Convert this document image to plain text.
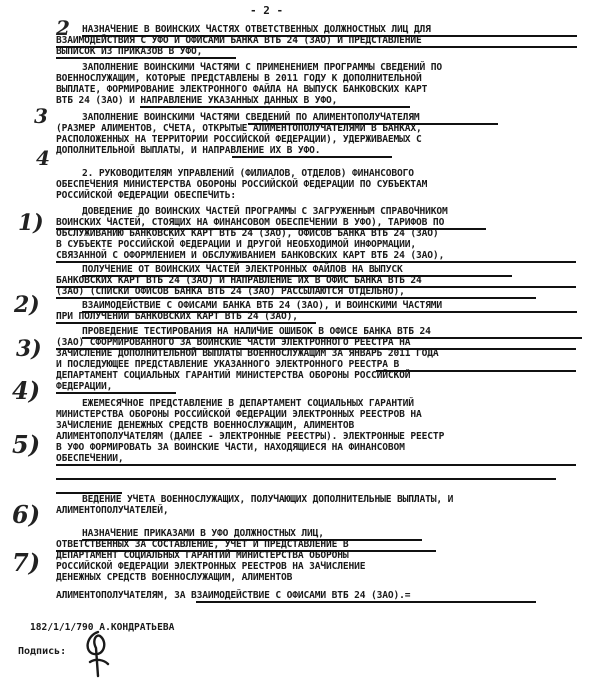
- 2 -
2
3
4
1)
2)
3)
4)
5)
6)
7)
НАЗНАЧЕНИЕ В ВОИНСКИХ ЧАСТЯХ ОТВЕТСТВЕННЫХ ДОЛЖНОСТНЫХ ЛИЦ ДЛЯ
ВЗАИМОДЕЙСТВИЯ С УФО И ОФИСАМИ БАНКА ВТБ 24 (ЗАО) И ПРЕДСТАВЛЕНИЕ
ВЫПИСОК ИЗ ПРИКАЗОВ В УФО,
ЗАПОЛНЕНИЕ ВОИНСКИМИ ЧАСТЯМИ С ПРИМЕНЕНИЕМ ПРОГРАММЫ СВЕДЕНИЙ ПО
ВОЕННОСЛУЖАЩИМ, КОТОРЫЕ ПРЕДСТАВЛЕНЫ В 2011 ГОДУ К ДОПОЛНИТЕЛЬНОЙ
ВЫПЛАТЕ, ФОРМИРОВАНИЕ ЭЛЕКТРОННОГО ФАЙЛА НА ВЫПУСК БАНКОВСКИХ КАРТ
ВТБ 24 (ЗАО) И НАПРАВЛЕНИЕ УКАЗАННЫХ ДАННЫХ В УФО,
ЗАПОЛНЕНИЕ ВОИНСКИМИ ЧАСТЯМИ СВЕДЕНИЙ ПО АЛИМЕНТОПОЛУЧАТЕЛЯМ
(РАЗМЕР АЛИМЕНТОВ, СЧЕТА, ОТКРЫТЫЕ АЛИМЕНТОПОЛУЧАТЕЛЯМИ В БАНКАХ,
РАСПОЛОЖЕННЫХ НА ТЕРРИТОРИИ РОССИЙСКОЙ ФЕДЕРАЦИИ), УДЕРЖИВАЕМЫХ С
ДОПОЛНИТЕЛЬНОЙ ВЫПЛАТЫ, И НАПРАВЛЕНИЕ ИХ В УФО.
2. РУКОВОДИТЕЛЯМ УПРАВЛЕНИЙ (ФИЛИАЛОВ, ОТДЕЛОВ) ФИНАНСОВОГО
ОБЕСПЕЧЕНИЯ МИНИСТЕРСТВА ОБОРОНЫ РОССИЙСКОЙ ФЕДЕРАЦИИ ПО СУБЪЕКТАМ
РОССИЙСКОЙ ФЕДЕРАЦИИ ОБЕСПЕЧИТЬ:
ДОВЕДЕНИЕ ДО ВОИНСКИХ ЧАСТЕЙ ПРОГРАММЫ С ЗАГРУЖЕННЫМ СПРАВОЧНИКОМ
ВОИНСКИХ ЧАСТЕЙ, СТОЯЩИХ НА ФИНАНСОВОМ ОБЕСПЕЧЕНИИ В УФО), ТАРИФОВ ПО
ОБСЛУЖИВАНИЮ БАНКОВСКИХ КАРТ ВТБ 24 (ЗАО), ОФИСОВ БАНКА ВТБ 24 (ЗАО)
В СУБЪЕКТЕ РОССИЙСКОЙ ФЕДЕРАЦИИ И ДРУГОЙ НЕОБХОДИМОЙ ИНФОРМАЦИИ,
СВЯЗАННОЙ С ОФОРМЛЕНИЕМ И ОБСЛУЖИВАНИЕМ БАНКОВСКИХ КАРТ ВТБ 24 (ЗАО),
ПОЛУЧЕНИЕ ОТ ВОИНСКИХ ЧАСТЕЙ ЭЛЕКТРОННЫХ ФАЙЛОВ НА ВЫПУСК
БАНКОВСКИХ КАРТ ВТБ 24 (ЗАО) И НАПРАВЛЕНИЕ ИХ В ОФИС БАНКА ВТБ 24
(ЗАО) (СПИСКИ ОФИСОВ БАНКА ВТБ 24 (ЗАО) РАССЫЛАЮТСЯ ОТДЕЛЬНО),
ВЗАИМОДЕЙСТВИЕ С ОФИСАМИ БАНКА ВТБ 24 (ЗАО), И ВОИНСКИМИ ЧАСТЯМИ
ПРИ ПОЛУЧЕНИИ БАНКОВСКИХ КАРТ ВТБ 24 (ЗАО),
ПРОВЕДЕНИЕ ТЕСТИРОВАНИЯ НА НАЛИЧИЕ ОШИБОК В ОФИСЕ БАНКА ВТБ 24
(ЗАО) СФОРМИРОВАННОГО ЗА ВОИНСКИЕ ЧАСТИ ЭЛЕКТРОННОГО РЕЕСТРА НА
ЗАЧИСЛЕНИЕ ДОПОЛНИТЕЛЬНОЙ ВЫПЛАТЫ ВОЕННОСЛУЖАЩИМ ЗА ЯНВАРЬ 2011 ГОДА
И ПОСЛЕДУЮЩЕЕ ПРЕДСТАВЛЕНИЕ УКАЗАННОГО ЭЛЕКТРОННОГО РЕЕСТРА В
ДЕПАРТАМЕНТ СОЦИАЛЬНЫХ ГАРАНТИЙ МИНИСТЕРСТВА ОБОРОНЫ РОССИЙСКОЙ
ФЕДЕРАЦИИ,
ЕЖЕМЕСЯЧНОЕ ПРЕДСТАВЛЕНИЕ В ДЕПАРТАМЕНТ СОЦИАЛЬНЫХ ГАРАНТИЙ
МИНИСТЕРСТВА ОБОРОНЫ РОССИЙСКОЙ ФЕДЕРАЦИИ ЭЛЕКТРОННЫХ РЕЕСТРОВ НА
ЗАЧИСЛЕНИЕ ДЕНЕЖНЫХ СРЕДСТВ ВОЕННОСЛУЖАЩИМ, АЛИМЕНТОВ
АЛИМЕНТОПОЛУЧАТЕЛЯМ (ДАЛЕЕ - ЭЛЕКТРОННЫЕ РЕЕСТРЫ). ЭЛЕКТРОННЫЕ РЕЕСТР
В УФО ФОРМИРОВАТЬ ЗА ВОИНСКИЕ ЧАСТИ, НАХОДЯЩИЕСЯ НА ФИНАНСОВОМ
ОБЕСПЕЧЕНИИ,
ВЕДЕНИЕ УЧЕТА ВОЕННОСЛУЖАЩИХ, ПОЛУЧАЮЩИХ ДОПОЛНИТЕЛЬНЫЕ ВЫПЛАТЫ, И
АЛИМЕНТОПОЛУЧАТЕЛЕЙ,
НАЗНАЧЕНИЕ ПРИКАЗАМИ В УФО ДОЛЖНОСТНЫХ ЛИЦ,
ОТВЕТСТВЕННЫХ ЗА СОСТАВЛЕНИЕ, УЧЕТ И ПРЕДСТАВЛЕНИЕ В
ДЕПАРТАМЕНТ СОЦИАЛЬНЫХ ГАРАНТИЙ МИНИСТЕРСТВА ОБОРОНЫ
РОССИЙСКОЙ ФЕДЕРАЦИИ ЭЛЕКТРОННЫХ РЕЕСТРОВ НА ЗАЧИСЛЕНИЕ
ДЕНЕЖНЫХ СРЕДСТВ ВОЕННОСЛУЖАЩИМ, АЛИМЕНТОВ
АЛИМЕНТОПОЛУЧАТЕЛЯМ, ЗА ВЗАИМОДЕЙСТВИЕ С ОФИСАМИ ВТБ 24 (ЗАО).=
182/1/1/790 А.КОНДРАТЬЕВА
Подпись:
